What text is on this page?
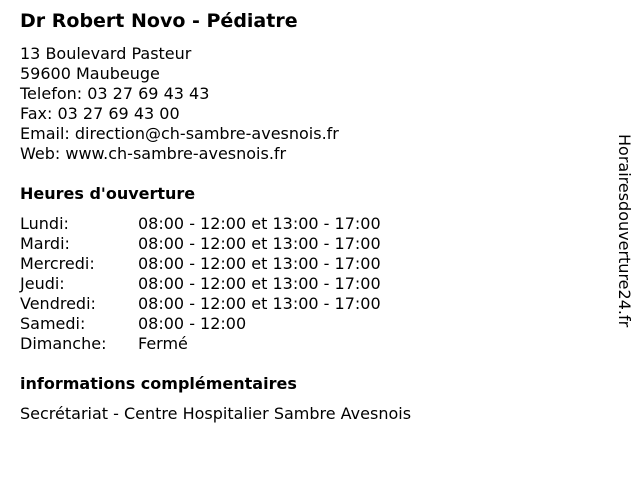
Dr Robert Novo - Pédiatre
13 Boulevard Pasteur
59600 Maubeuge
Telefon: 03 27 69 43 43
Fax: 03 27 69 43 00
Email: direction@ch-sambre-avesnois.fr
Web: www.ch-sambre-avesnois.fr
Heures d'ouverture
Lundi:	08:00 - 12:00 et 13:00 - 17:00
Mardi:	08:00 - 12:00 et 13:00 - 17:00
Mercredi:	08:00 - 12:00 et 13:00 - 17:00
Jeudi:	08:00 - 12:00 et 13:00 - 17:00
Vendredi:	08:00 - 12:00 et 13:00 - 17:00
Samedi:	08:00 - 12:00
Dimanche: Fermé
informations complémentaires
Secrétariat - Centre Hospitalier Sambre Avesnois
Horairesdouverture24.fr
